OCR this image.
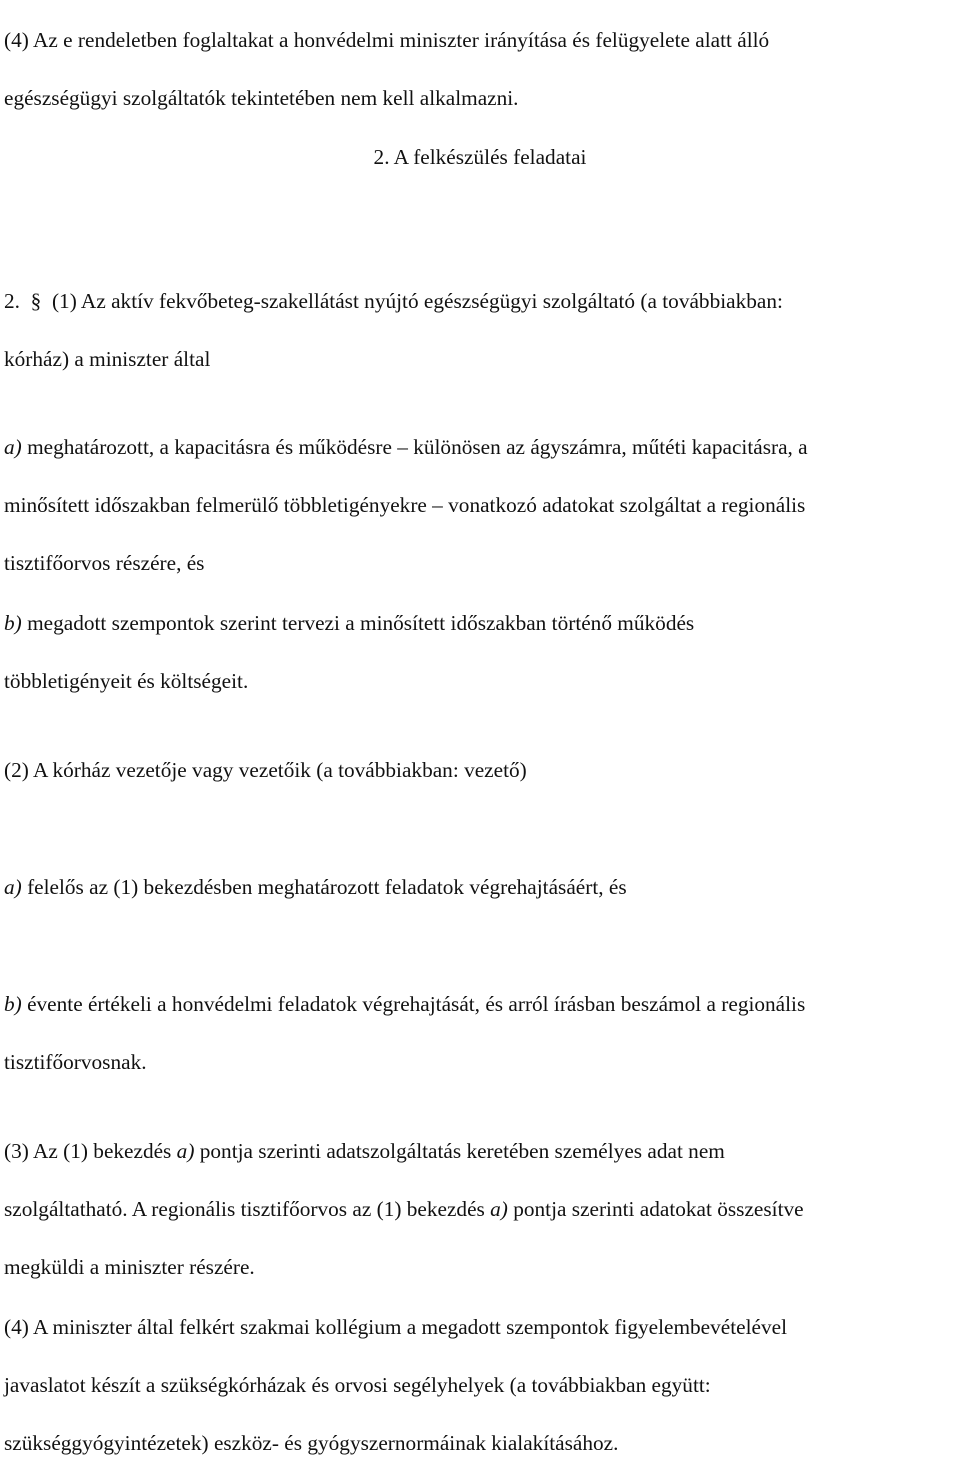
(4) Az e rendeletben foglaltakat a honvédelmi miniszter irányítása és felügyelete alatt álló

egészségügyi szolgáltatók tekintetében nem kell alkalmazni.

2. A felkészülés feladatai

2. § (1) Az aktív fekvőbeteg-szakellátást nyújtó egészségügyi szolgáltató (a továbbiakban:

kórház) a miniszter által

a) meghatározott, a kapacitásra és működésre – különösen az ágyszámra, műtéti kapacitásra, a

minősített időszakban felmerülő többletigényekre – vonatkozó adatokat szolgáltat a regionális

tisztifőorvos részére, és

b) megadott szempontok szerint tervezi a minősített időszakban történő működés

többletigényeit és költségeit.

(2) A kórház vezetője vagy vezetőik (a továbbiakban: vezető)

a) felelős az (1) bekezdésben meghatározott feladatok végrehajtásáért, és

b) évente értékeli a honvédelmi feladatok végrehajtását, és arról írásban beszámol a regionális

tisztifőorvosnak.

(3) Az (1) bekezdés a) pontja szerinti adatszolgáltatás keretében személyes adat nem

szolgáltatható. A regionális tisztifőorvos az (1) bekezdés a) pontja szerinti adatokat összesítve

megküldi a miniszter részére.

(4) A miniszter által felkért szakmai kollégium a megadott szempontok figyelembevételével

javaslatot készít a szükségkórházak és orvosi segélyhelyek (a továbbiakban együtt:

szükséggyógyintézetek) eszköz- és gyógyszernormáinak kialakításához.
